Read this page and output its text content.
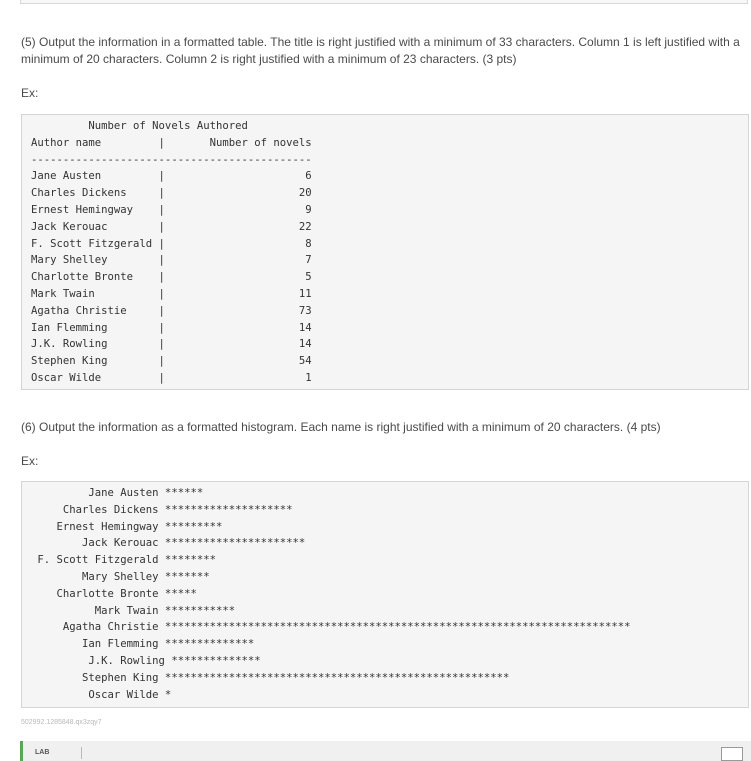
(5) Output the information in a formatted table. The title is right justified with a minimum of 33 characters. Column 1 is left justified with a minimum of 20 characters. Column 2 is right justified with a minimum of 23 characters. (3 pts)
Ex:
Number of Novels Authored
Author name         |       Number of novels
--------------------------------------------
Jane Austen         |                      6
Charles Dickens     |                     20
Ernest Hemingway    |                      9
Jack Kerouac        |                     22
F. Scott Fitzgerald |                      8
Mary Shelley        |                      7
Charlotte Bronte    |                      5
Mark Twain          |                     11
Agatha Christie     |                     73
Ian Flemming        |                     14
J.K. Rowling        |                     14
Stephen King        |                     54
Oscar Wilde         |                      1
(6) Output the information as a formatted histogram. Each name is right justified with a minimum of 20 characters. (4 pts)
Ex:
Jane Austen ******
Charles Dickens ********************
Ernest Hemingway *********
Jack Kerouac **********************
F. Scott Fitzgerald ********
Mary Shelley *******
Charlotte Bronte *****
Mark Twain ***********
Agatha Christie *************************************************************************
Ian Flemming **************
J.K. Rowling **************
Stephen King ******************************************************
Oscar Wilde *
502992.1285848.qx3zqy7
LAB
